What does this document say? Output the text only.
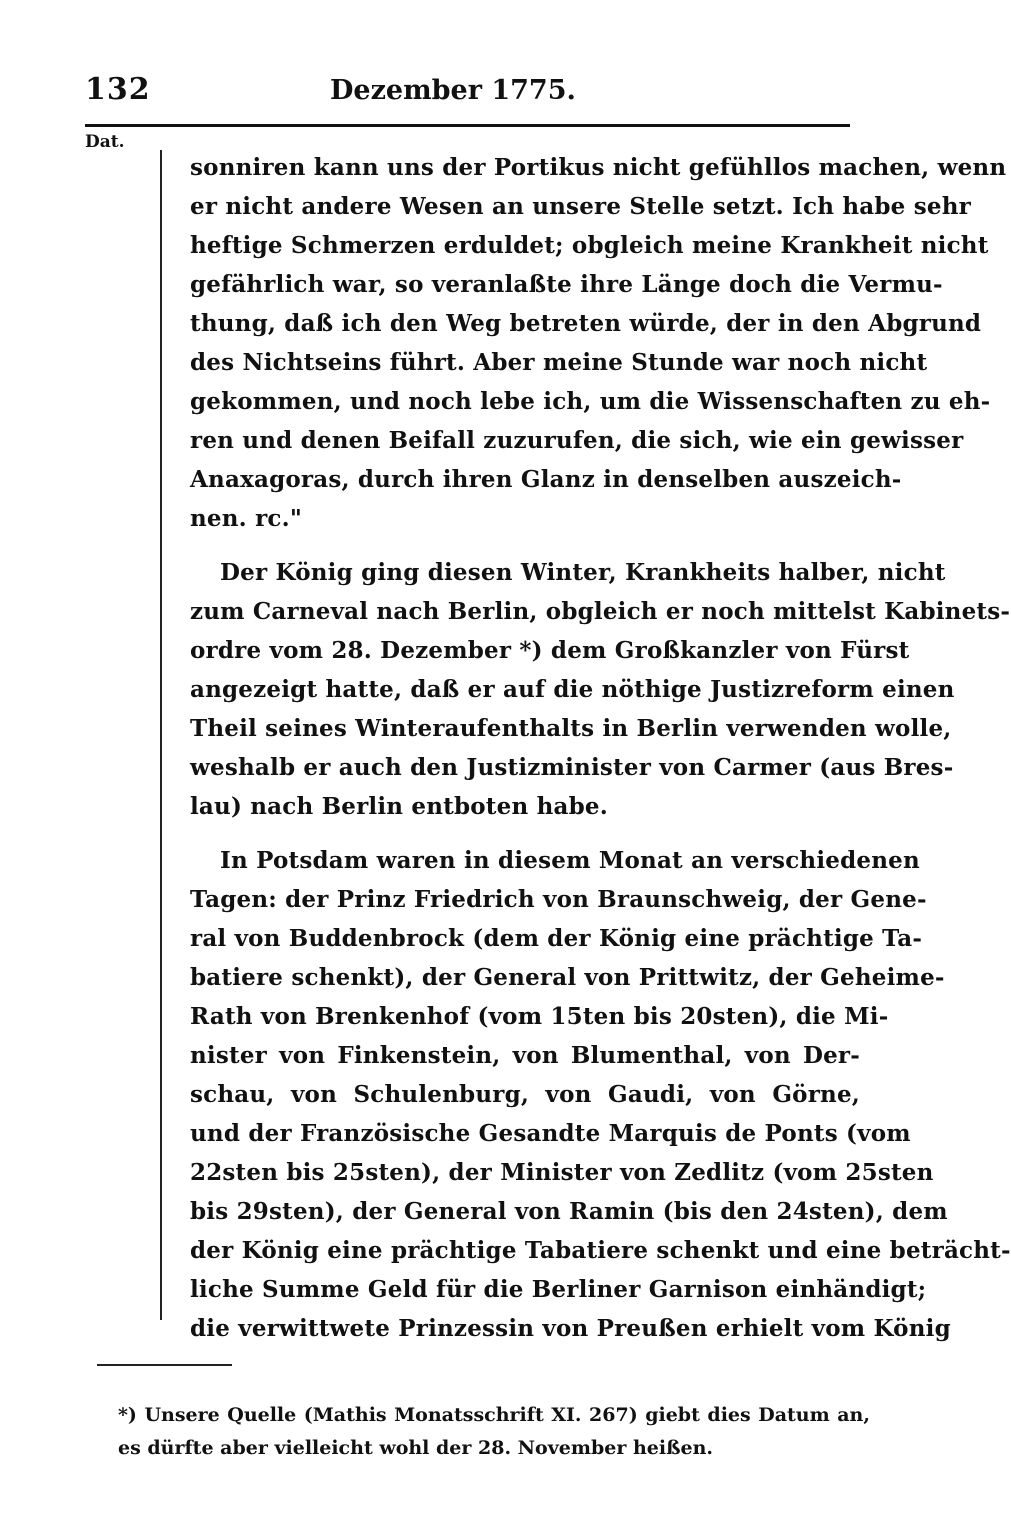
132	Dezember 1775.
Dat.
sonniren kann uns der Portikus nicht gefühllos machen, wenn
er nicht andere Wesen an unsere Stelle setzt. Ich habe sehr
heftige Schmerzen erduldet; obgleich meine Krankheit nicht
gefährlich war, so veranlaßte ihre Länge doch die Vermu-
thung, daß ich den Weg betreten würde, der in den Abgrund
des Nichtseins führt. Aber meine Stunde war noch nicht
gekommen, und noch lebe ich, um die Wissenschaften zu eh-
ren und denen Beifall zuzurufen, die sich, wie ein gewisser
Anaxagoras, durch ihren Glanz in denselben auszeich-
nen. rc."
Der König ging diesen Winter, Krankheits halber, nicht
zum Carneval nach Berlin, obgleich er noch mittelst Kabinets-
ordre vom 28. Dezember *) dem Großkanzler von Fürst
angezeigt hatte, daß er auf die nöthige Justizreform einen
Theil seines Winteraufenthalts in Berlin verwenden wolle,
weshalb er auch den Justizminister von Carmer (aus Bres-
lau) nach Berlin entboten habe.
In Potsdam waren in diesem Monat an verschiedenen
Tagen: der Prinz Friedrich von Braunschweig, der Gene-
ral von Buddenbrock (dem der König eine prächtige Ta-
batiere schenkt), der General von Prittwitz, der Geheime-
Rath von Brenkenhof (vom 15ten bis 20sten), die Mi-
nister von Finkenstein, von Blumenthal, von Der-
schau, von Schulenburg, von Gaudi, von Görne,
und der Französische Gesandte Marquis de Ponts (vom
22sten bis 25sten), der Minister von Zedlitz (vom 25sten
bis 29sten), der General von Ramin (bis den 24sten), dem
der König eine prächtige Tabatiere schenkt und eine beträcht-
liche Summe Geld für die Berliner Garnison einhändigt;
die verwittwete Prinzessin von Preußen erhielt vom König
*) Unsere Quelle (Mathis Monatsschrift XI. 267) giebt dies Datum an,
es dürfte aber vielleicht wohl der 28. November heißen.
